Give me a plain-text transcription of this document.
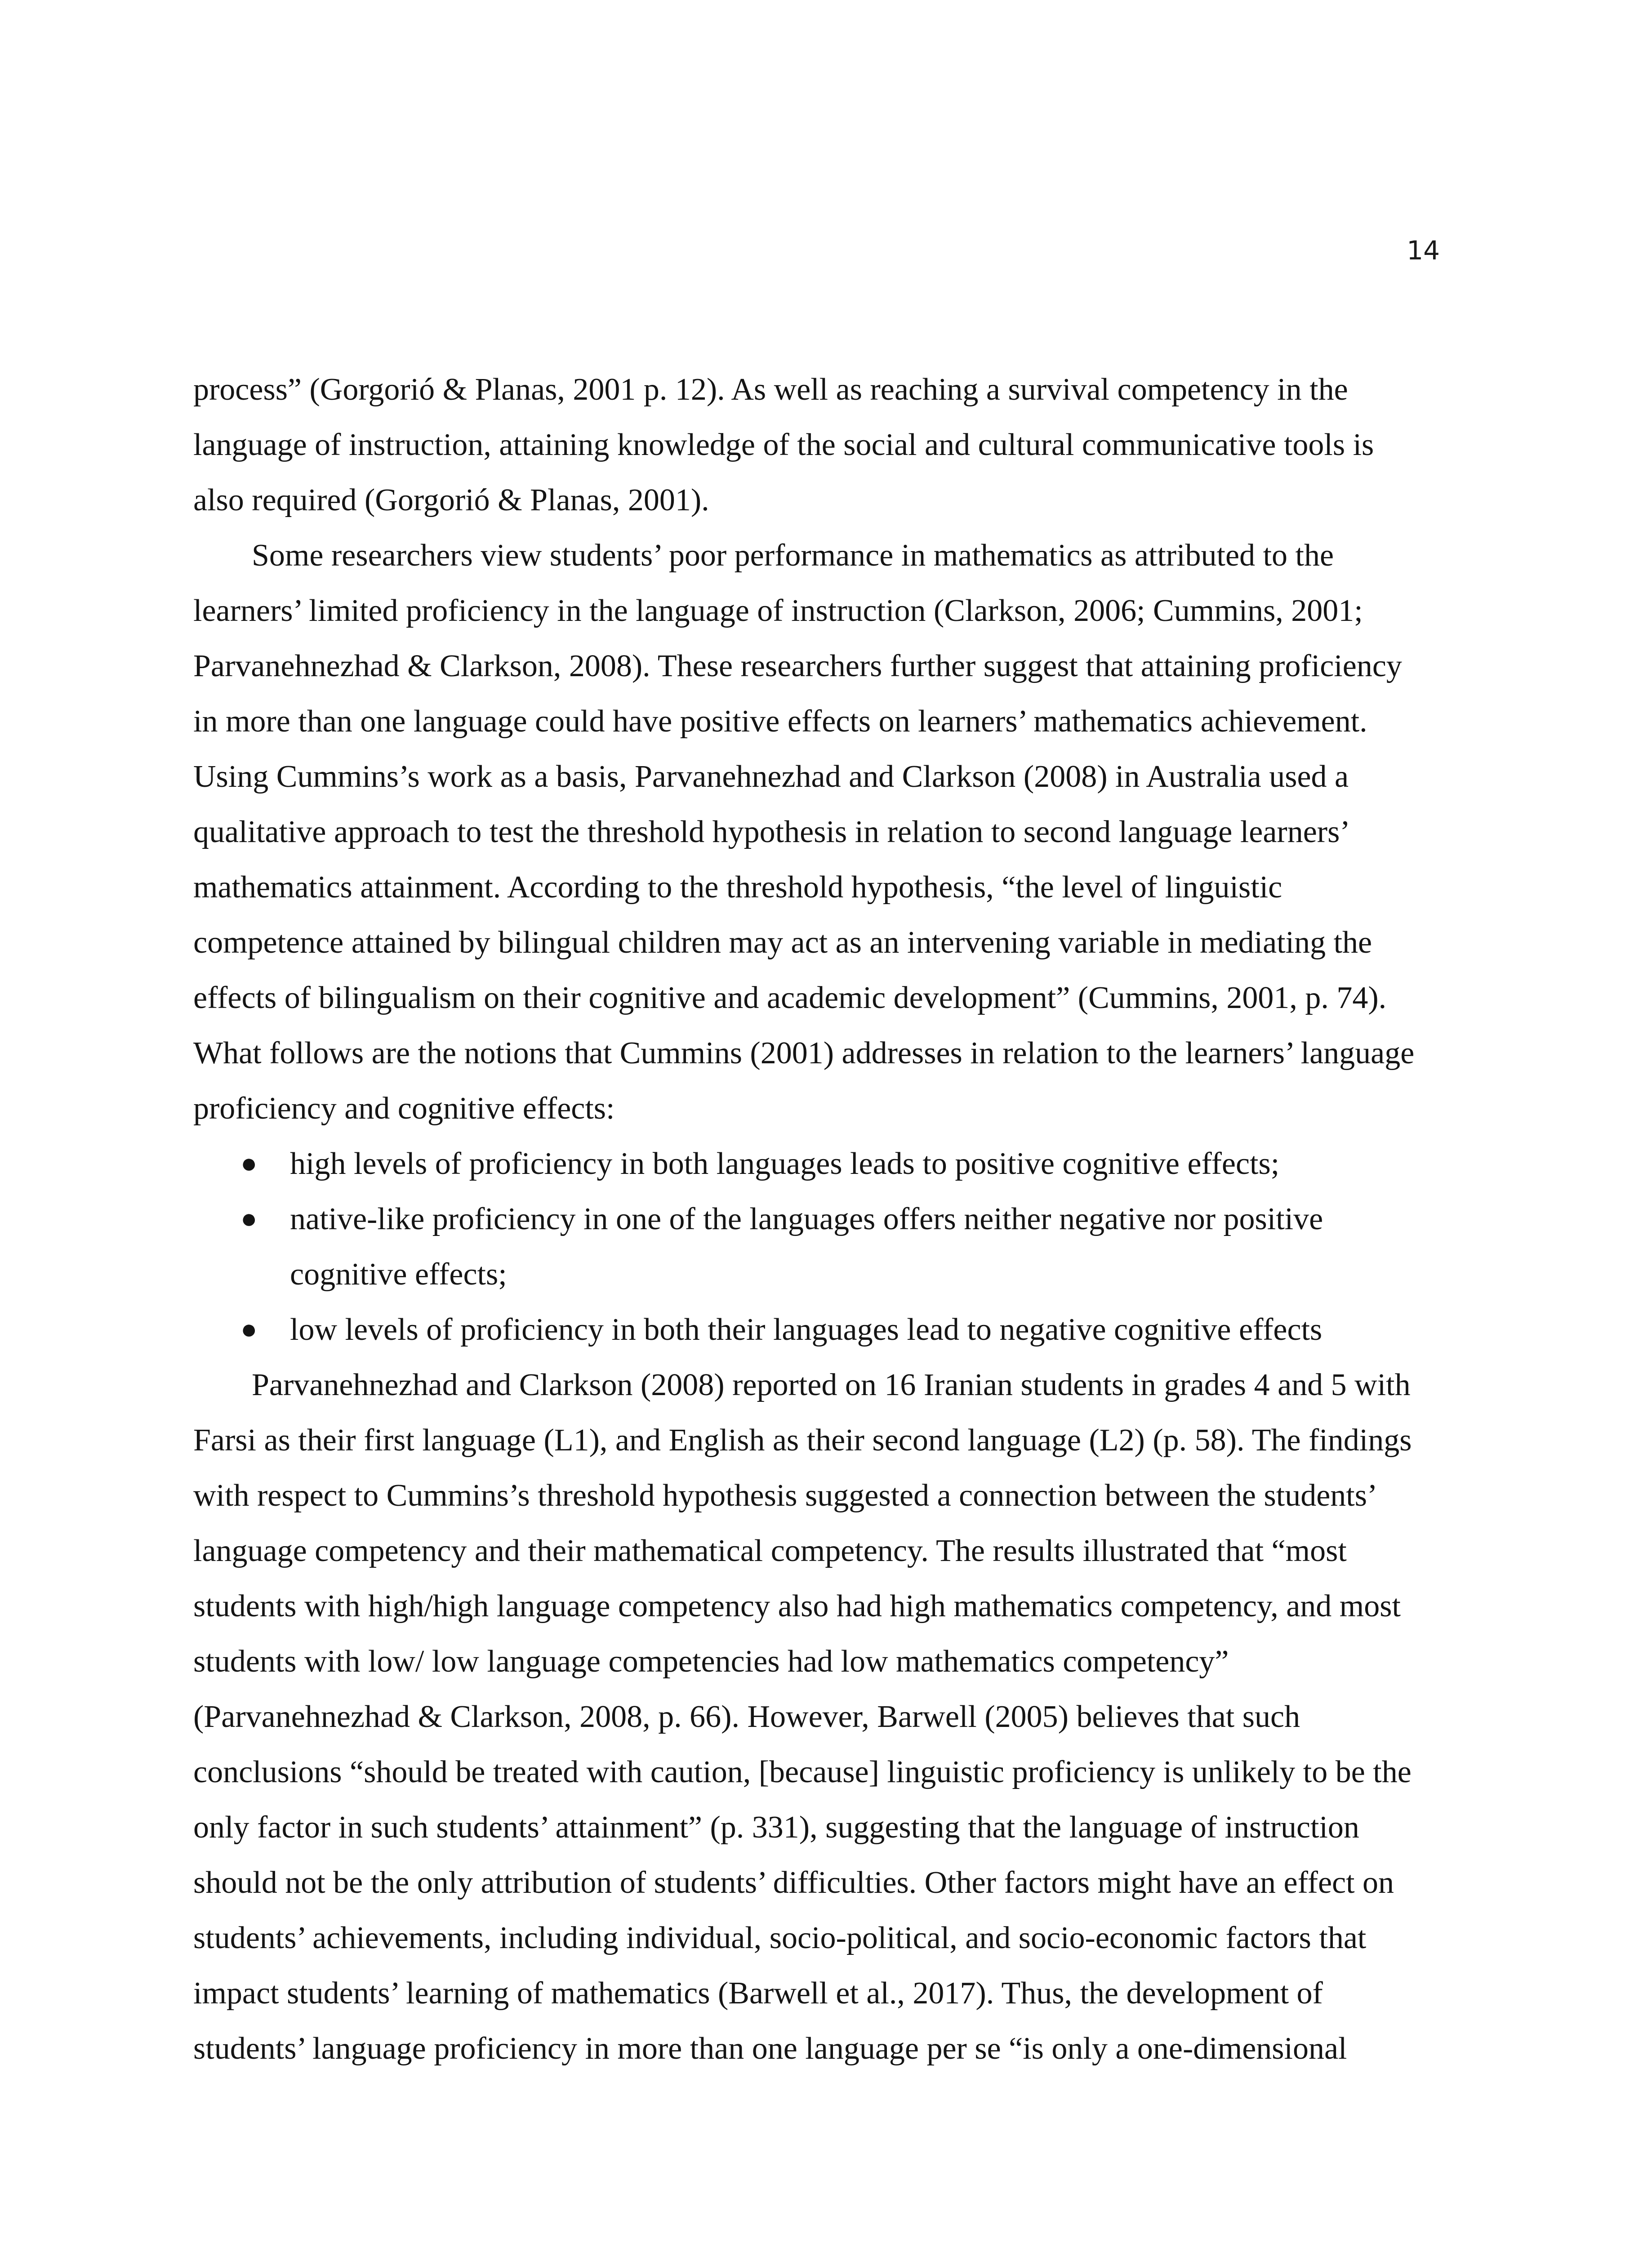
14
process” (Gorgorió & Planas, 2001 p. 12). As well as reaching a survival competency in the
language of instruction, attaining knowledge of the social and cultural communicative tools is
also required (Gorgorió & Planas, 2001).
Some researchers view students’ poor performance in mathematics as attributed to the
learners’ limited proficiency in the language of instruction (Clarkson, 2006; Cummins, 2001;
Parvanehnezhad & Clarkson, 2008). These researchers further suggest that attaining proficiency
in more than one language could have positive effects on learners’ mathematics achievement.
Using Cummins’s work as a basis, Parvanehnezhad and Clarkson (2008) in Australia used a
qualitative approach to test the threshold hypothesis in relation to second language learners’
mathematics attainment. According to the threshold hypothesis, “the level of linguistic
competence attained by bilingual children may act as an intervening variable in mediating the
effects of bilingualism on their cognitive and academic development” (Cummins, 2001, p. 74).
What follows are the notions that Cummins (2001) addresses in relation to the learners’ language
proficiency and cognitive effects:
● high levels of proficiency in both languages leads to positive cognitive effects;
● native-like proficiency in one of the languages offers neither negative nor positive
cognitive effects;
● low levels of proficiency in both their languages lead to negative cognitive effects
Parvanehnezhad and Clarkson (2008) reported on 16 Iranian students in grades 4 and 5 with
Farsi as their first language (L1), and English as their second language (L2) (p. 58). The findings
with respect to Cummins’s threshold hypothesis suggested a connection between the students’
language competency and their mathematical competency. The results illustrated that “most
students with high/high language competency also had high mathematics competency, and most
students with low/ low language competencies had low mathematics competency”
(Parvanehnezhad & Clarkson, 2008, p. 66). However, Barwell (2005) believes that such
conclusions “should be treated with caution, [because] linguistic proficiency is unlikely to be the
only factor in such students’ attainment” (p. 331), suggesting that the language of instruction
should not be the only attribution of students’ difficulties. Other factors might have an effect on
students’ achievements, including individual, socio-political, and socio-economic factors that
impact students’ learning of mathematics (Barwell et al., 2017). Thus, the development of
students’ language proficiency in more than one language per se “is only a one-dimensional
